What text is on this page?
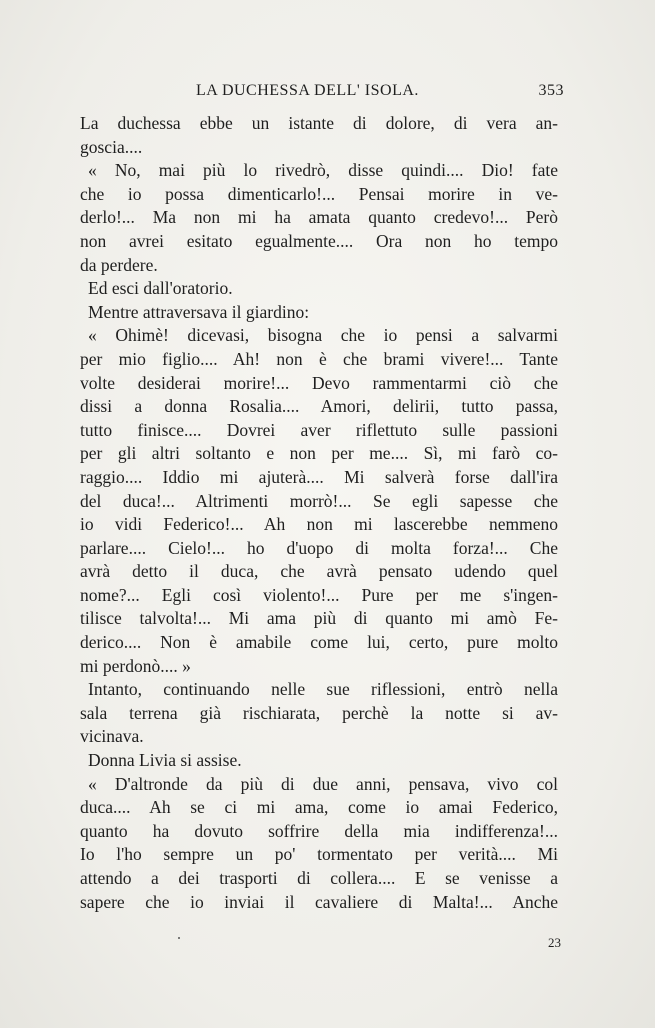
LA DUCHESSA DELL' ISOLA.	353
La duchessa ebbe un istante di dolore, di vera an-
goscia....
« No, mai più lo rivedrò, disse quindi.... Dio! fate
che io possa dimenticarlo!... Pensai morire in ve-
derlo!... Ma non mi ha amata quanto credevo!... Però
non avrei esitato egualmente.... Ora non ho tempo
da perdere.
Ed esci dall'oratorio.
Mentre attraversava il giardino:
« Ohimè! dicevasi, bisogna che io pensi a salvarmi
per mio figlio.... Ah! non è che brami vivere!... Tante
volte desiderai morire!... Devo rammentarmi ciò che
dissi a donna Rosalia.... Amori, delirii, tutto passa,
tutto finisce.... Dovrei aver riflettuto sulle passioni
per gli altri soltanto e non per me.... Sì, mi farò co-
raggio.... Iddio mi ajuterà.... Mi salverà forse dall'ira
del duca!... Altrimenti morrò!... Se egli sapesse che
io vidi Federico!... Ah non mi lascerebbe nemmeno
parlare.... Cielo!... ho d'uopo di molta forza!... Che
avrà detto il duca, che avrà pensato udendo quel
nome?... Egli così violento!... Pure per me s'ingen-
tilisce talvolta!... Mi ama più di quanto mi amò Fe-
derico.... Non è amabile come lui, certo, pure molto
mi perdonò.... »
Intanto, continuando nelle sue riflessioni, entrò nella
sala terrena già rischiarata, perchè la notte si av-
vicinava.
Donna Livia si assise.
« D'altronde da più di due anni, pensava, vivo col
duca.... Ah se ci mi ama, come io amai Federico,
quanto ha dovuto soffrire della mia indifferenza!...
Io l'ho sempre un po' tormentato per verità.... Mi
attendo a dei trasporti di collera.... E se venisse a
sapere che io inviai il cavaliere di Malta!... Anche
23
